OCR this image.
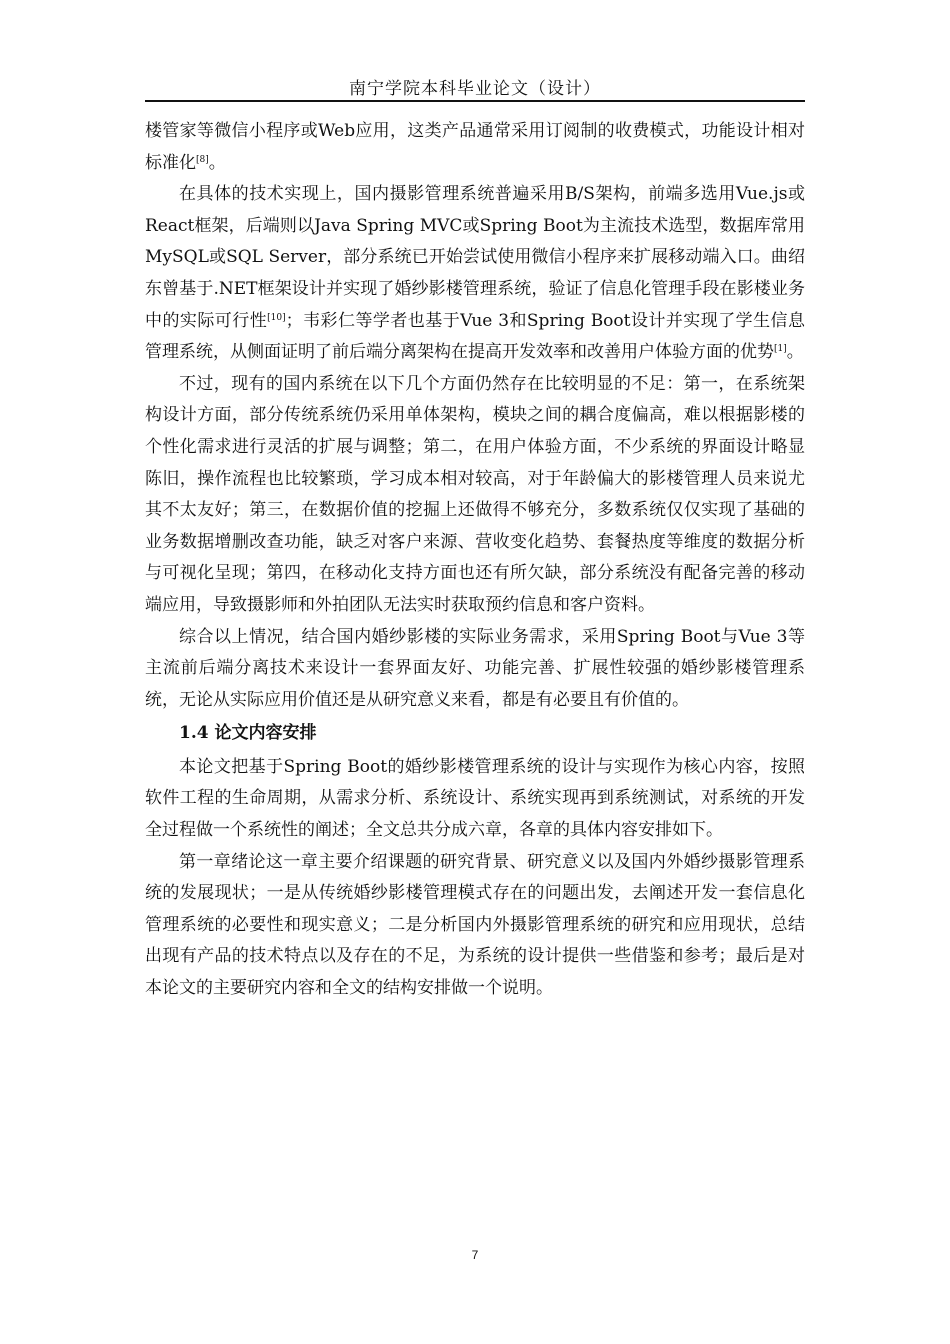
南宁学院本科毕业论文（设计）

楼管家等微信小程序或Web应用，这类产品通常采用订阅制的收费模式，功能设计相对标准化[8]。

在具体的技术实现上，国内摄影管理系统普遍采用B/S架构，前端多选用Vue.js或React框架，后端则以Java Spring MVC或Spring Boot为主流技术选型，数据库常用MySQL或SQL Server，部分系统已开始尝试使用微信小程序来扩展移动端入口。曲绍东曾基于.NET框架设计并实现了婚纱影楼管理系统，验证了信息化管理手段在影楼业务中的实际可行性[10]；韦彩仁等学者也基于Vue 3和Spring Boot设计并实现了学生信息管理系统，从侧面证明了前后端分离架构在提高开发效率和改善用户体验方面的优势[1]。

不过，现有的国内系统在以下几个方面仍然存在比较明显的不足：第一，在系统架构设计方面，部分传统系统仍采用单体架构，模块之间的耦合度偏高，难以根据影楼的个性化需求进行灵活的扩展与调整；第二，在用户体验方面，不少系统的界面设计略显陈旧，操作流程也比较繁琐，学习成本相对较高，对于年龄偏大的影楼管理人员来说尤其不太友好；第三，在数据价值的挖掘上还做得不够充分，多数系统仅仅实现了基础的业务数据增删改查功能，缺乏对客户来源、营收变化趋势、套餐热度等维度的数据分析与可视化呈现；第四，在移动化支持方面也还有所欠缺，部分系统没有配备完善的移动端应用，导致摄影师和外拍团队无法实时获取预约信息和客户资料。

综合以上情况，结合国内婚纱影楼的实际业务需求，采用Spring Boot与Vue 3等主流前后端分离技术来设计一套界面友好、功能完善、扩展性较强的婚纱影楼管理系统，无论从实际应用价值还是从研究意义来看，都是有必要且有价值的。

1.4 论文内容安排

本论文把基于Spring Boot的婚纱影楼管理系统的设计与实现作为核心内容，按照软件工程的生命周期，从需求分析、系统设计、系统实现再到系统测试，对系统的开发全过程做一个系统性的阐述；全文总共分成六章，各章的具体内容安排如下。

第一章绪论这一章主要介绍课题的研究背景、研究意义以及国内外婚纱摄影管理系统的发展现状；一是从传统婚纱影楼管理模式存在的问题出发，去阐述开发一套信息化管理系统的必要性和现实意义；二是分析国内外摄影管理系统的研究和应用现状，总结出现有产品的技术特点以及存在的不足，为系统的设计提供一些借鉴和参考；最后是对本论文的主要研究内容和全文的结构安排做一个说明。

7
